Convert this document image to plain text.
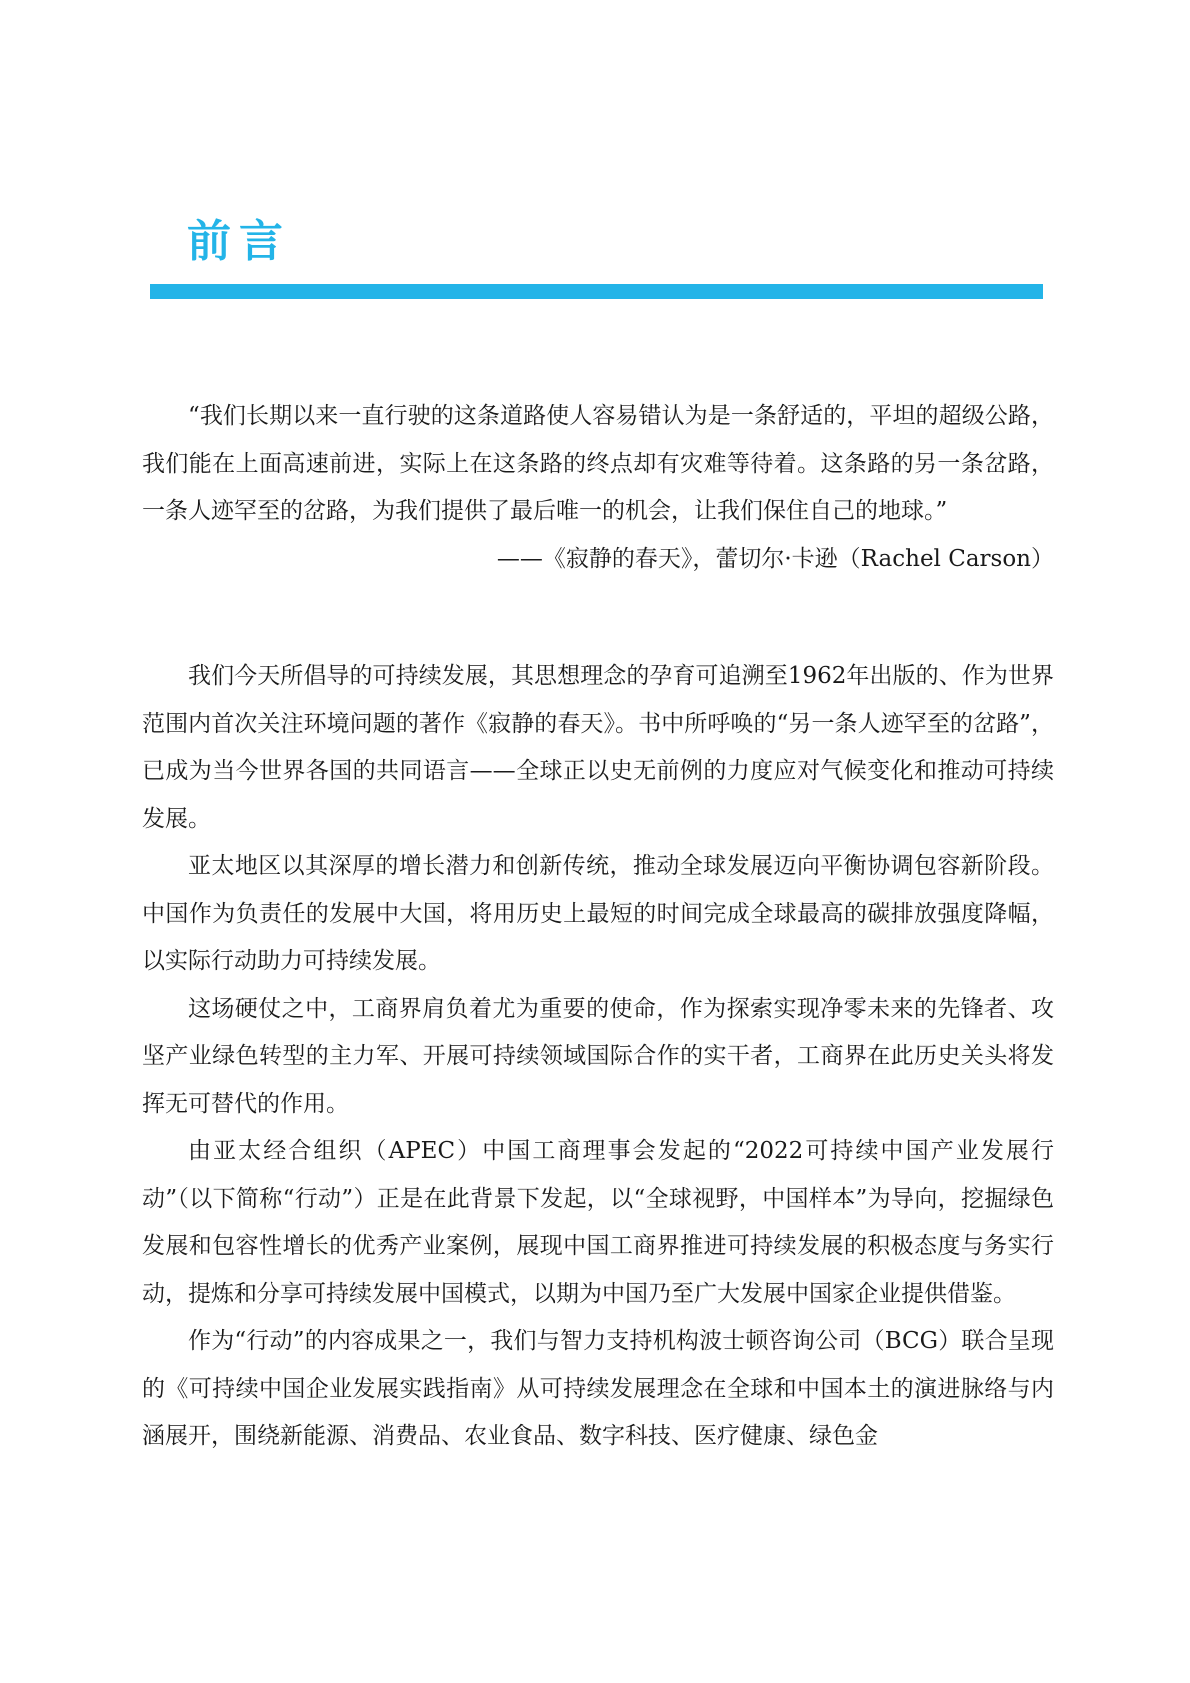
前言

“我们长期以来一直行驶的这条道路使人容易错认为是一条舒适的，平坦的超级公路，我们能在上面高速前进，实际上在这条路的终点却有灾难等待着。这条路的另一条岔路，一条人迹罕至的岔路，为我们提供了最后唯一的机会，让我们保住自己的地球。”

——《寂静的春天》，蕾切尔·卡逊（Rachel Carson）

我们今天所倡导的可持续发展，其思想理念的孕育可追溯至1962年出版的、作为世界范围内首次关注环境问题的著作《寂静的春天》。书中所呼唤的“另一条人迹罕至的岔路”，已成为当今世界各国的共同语言——全球正以史无前例的力度应对气候变化和推动可持续发展。

亚太地区以其深厚的增长潜力和创新传统，推动全球发展迈向平衡协调包容新阶段。中国作为负责任的发展中大国，将用历史上最短的时间完成全球最高的碳排放强度降幅，以实际行动助力可持续发展。

这场硬仗之中，工商界肩负着尤为重要的使命，作为探索实现净零未来的先锋者、攻坚产业绿色转型的主力军、开展可持续领域国际合作的实干者，工商界在此历史关头将发挥无可替代的作用。

由亚太经合组织（APEC）中国工商理事会发起的“2022可持续中国产业发展行动”（以下简称“行动”）正是在此背景下发起，以“全球视野，中国样本”为导向，挖掘绿色发展和包容性增长的优秀产业案例，展现中国工商界推进可持续发展的积极态度与务实行动，提炼和分享可持续发展中国模式，以期为中国乃至广大发展中国家企业提供借鉴。

作为“行动”的内容成果之一，我们与智力支持机构波士顿咨询公司（BCG）联合呈现的《可持续中国企业发展实践指南》从可持续发展理念在全球和中国本土的演进脉络与内涵展开，围绕新能源、消费品、农业食品、数字科技、医疗健康、绿色金
